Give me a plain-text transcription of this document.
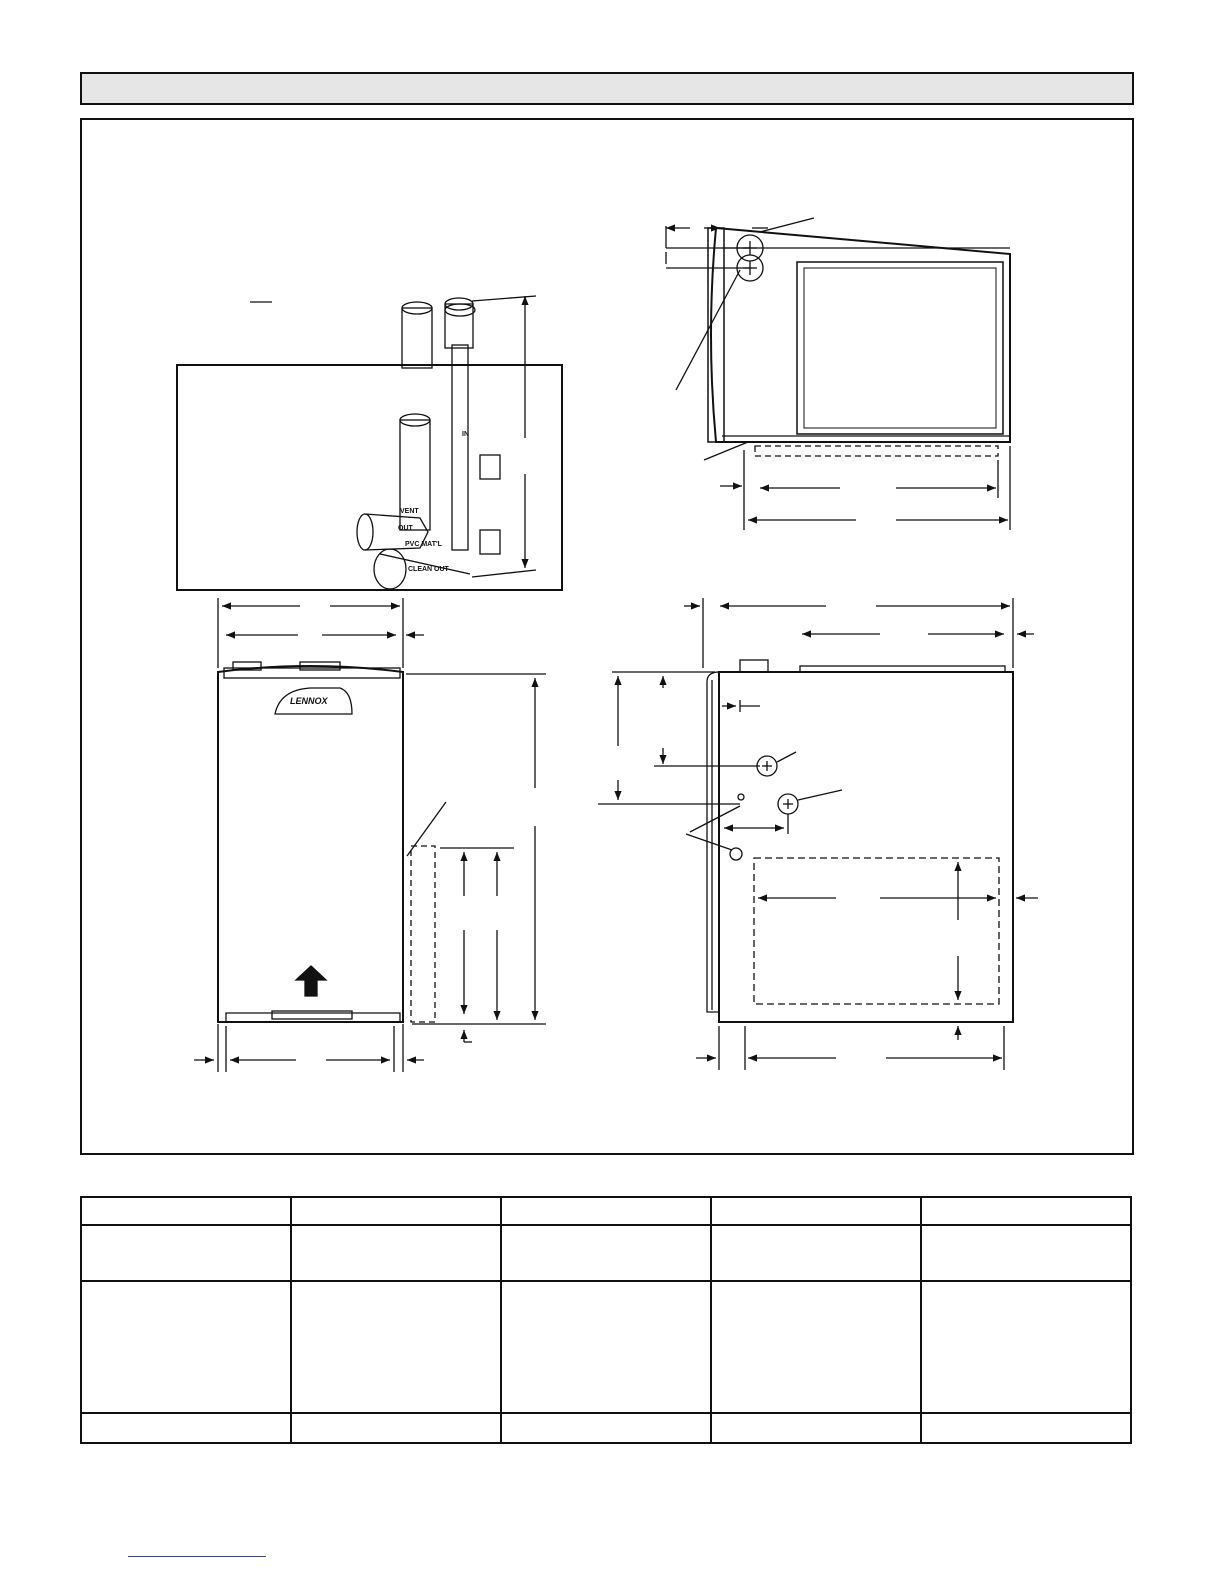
VENT
OUT
PVC MAT'L
CLEAN OUT
IN
LENNOX
